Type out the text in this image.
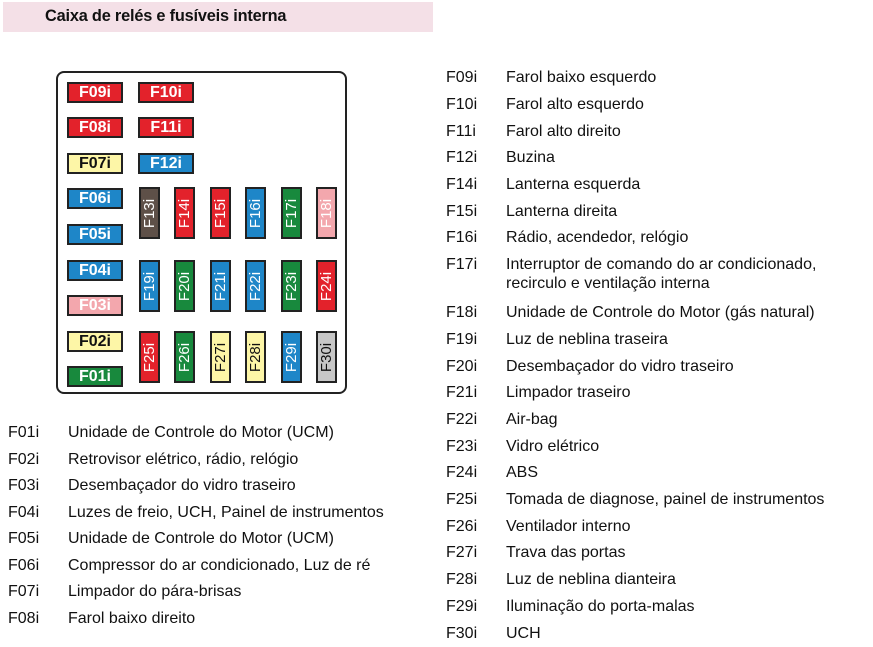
Caixa de relés e fusíveis interna
F09i F10i
F08i F11i
F07i F12i
F06i
F05i
F04i
F03i
F02i
F01i
F13i F14i F15i F16i F17i F18i
F19i F20i F21i F22i F23i F24i
F25i F26i F27i F28i F29i F30i
F01i Unidade de Controle do Motor (UCM)
F02i Retrovisor elétrico, rádio, relógio
F03i Desembaçador do vidro traseiro
F04i Luzes de freio, UCH, Painel de instrumentos
F05i Unidade de Controle do Motor (UCM)
F06i Compressor do ar condicionado, Luz de ré
F07i Limpador do pára-brisas
F08i Farol baixo direito
F09i Farol baixo esquerdo
F10i Farol alto esquerdo
F11i Farol alto direito
F12i Buzina
F14i Lanterna esquerda
F15i Lanterna direita
F16i Rádio, acendedor, relógio
F17i Interruptor de comando do ar condicionado,
recirculo e ventilação interna
F18i Unidade de Controle do Motor (gás natural)
F19i Luz de neblina traseira
F20i Desembaçador do vidro traseiro
F21i Limpador traseiro
F22i Air-bag
F23i Vidro elétrico
F24i ABS
F25i Tomada de diagnose, painel de instrumentos
F26i Ventilador interno
F27i Trava das portas
F28i Luz de neblina dianteira
F29i Iluminação do porta-malas
F30i UCH
